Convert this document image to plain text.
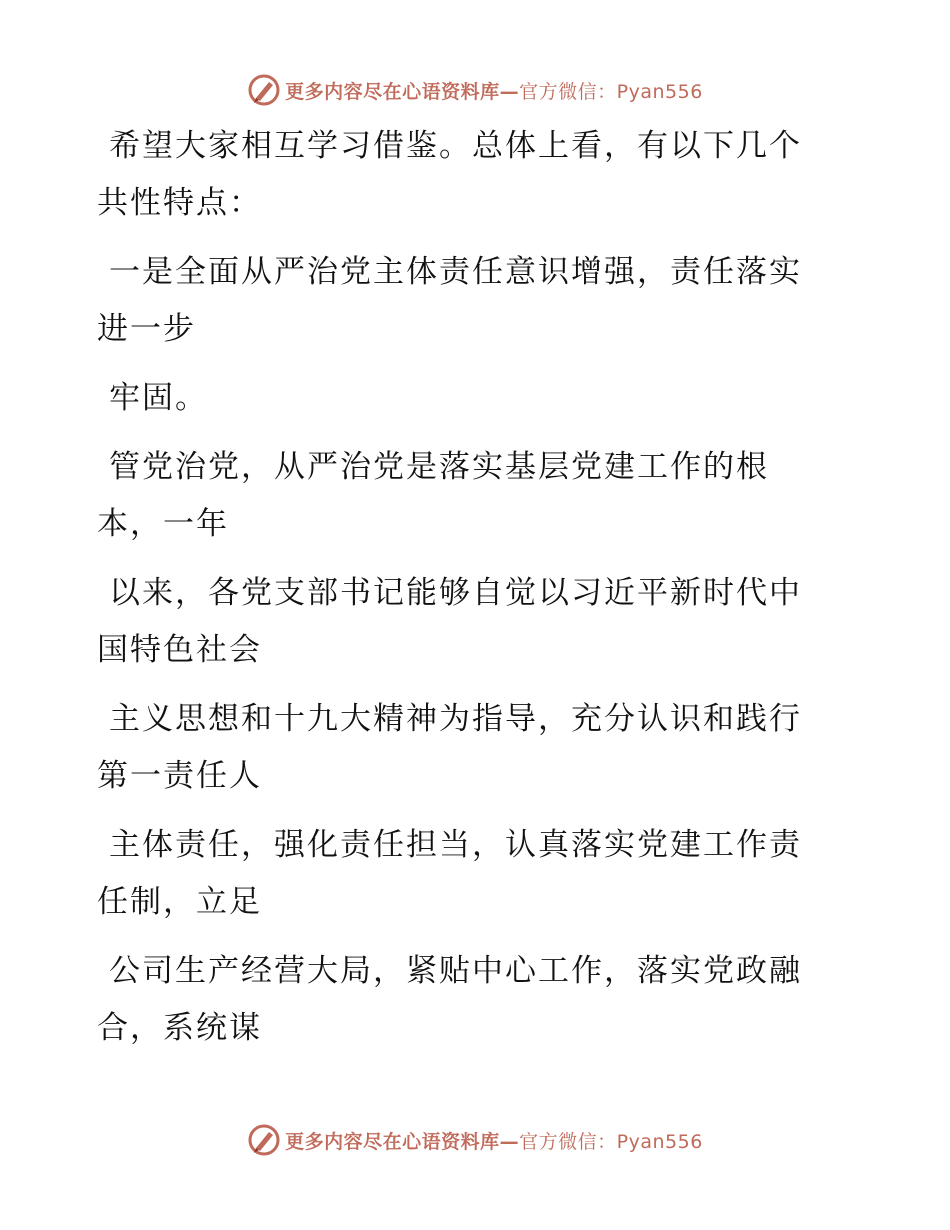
更多内容尽在心语资料库—官方微信：Pyan556
希望大家相互学习借鉴。总体上看，有以下几个
共性特点：
一是全面从严治党主体责任意识增强，责任落实
进一步
牢固。
管党治党，从严治党是落实基层党建工作的根
本，一年
以来，各党支部书记能够自觉以习近平新时代中
国特色社会
主义思想和十九大精神为指导，充分认识和践行
第一责任人
主体责任，强化责任担当，认真落实党建工作责
任制，立足
公司生产经营大局，紧贴中心工作，落实党政融
合，系统谋
更多内容尽在心语资料库—官方微信：Pyan556
